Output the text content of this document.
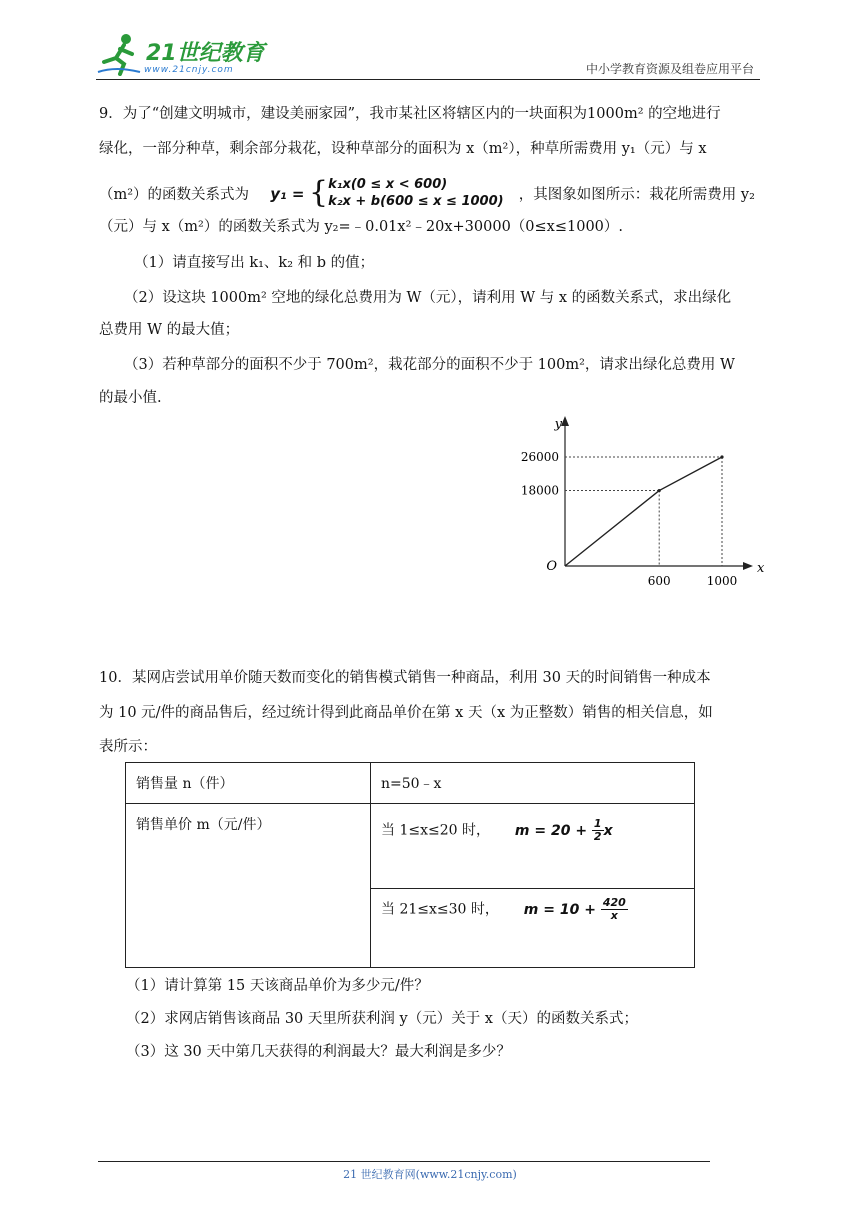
21世纪教育
www.21cnjy.com	中小学教育资源及组卷应用平台
9．为了“创建文明城市，建设美丽家园”，我市某社区将辖区内的一块面积为1000m² 的空地进行
绿化，一部分种草，剩余部分栽花，设种草部分的面积为 x（m²），种草所需费用 y₁（元）与 x
（m²）的函数关系式为 y₁ = {k₁x(0 ≤ x < 600)
k₂x + b(600 ≤ x ≤ 1000) ，其图象如图所示：栽花所需费用 y₂
（元）与 x（m²）的函数关系式为 y₂=﹣0.01x²﹣20x+30000（0≤x≤1000）.
（1）请直接写出 k₁、k₂ 和 b 的值；
（2）设这块 1000m² 空地的绿化总费用为 W（元），请利用 W 与 x 的函数关系式，求出绿化
总费用 W 的最大值；
（3）若种草部分的面积不少于 700m²，栽花部分的面积不少于 100m²，请求出绿化总费用 W
的最小值.
x
y
O
600	1000
18000
26000
10．某网店尝试用单价随天数而变化的销售模式销售一种商品，利用 30 天的时间销售一种成本
为 10 元/件的商品售后，经过统计得到此商品单价在第 x 天（x 为正整数）销售的相关信息，如
表所示：
销售量 n（件）	n=50﹣x
销售单价 m（元/件）	当 1≤x≤20 时， $m = 20 + \frac{1}{2}$ x
	当 21≤x≤30 时， $m = 10 + \frac{420}{x}$
（1）请计算第 15 天该商品单价为多少元/件？
（2）求网店销售该商品 30 天里所获利润 y（元）关于 x（天）的函数关系式；
（3）这 30 天中第几天获得的利润最大？最大利润是多少？
21 世纪教育网(www.21cnjy.com)
